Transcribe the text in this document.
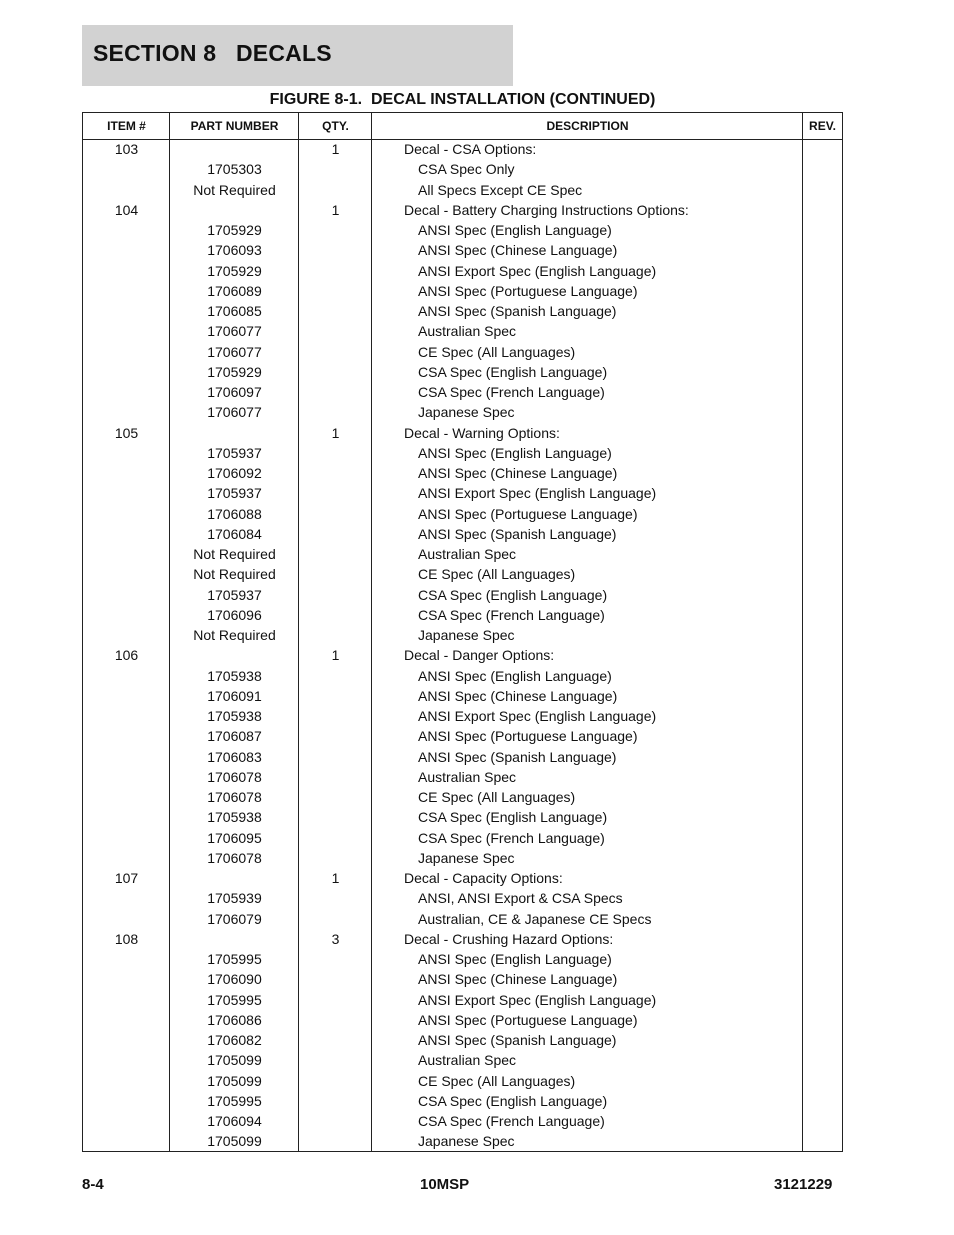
SECTION 8   DECALS
FIGURE 8-1.  DECAL INSTALLATION (CONTINUED)
ITEM #	PART NUMBER	QTY.	DESCRIPTION	REV.
103	1	Decal - CSA Options:
1705303	CSA Spec Only
Not Required	All Specs Except CE Spec
104	1	Decal - Battery Charging Instructions Options:
1705929	ANSI Spec (English Language)
1706093	ANSI Spec (Chinese Language)
1705929	ANSI Export Spec (English Language)
1706089	ANSI Spec (Portuguese Language)
1706085	ANSI Spec (Spanish Language)
1706077	Australian Spec
1706077	CE Spec (All Languages)
1705929	CSA Spec (English Language)
1706097	CSA Spec (French Language)
1706077	Japanese Spec
105	1	Decal - Warning Options:
1705937	ANSI Spec (English Language)
1706092	ANSI Spec (Chinese Language)
1705937	ANSI Export Spec (English Language)
1706088	ANSI Spec (Portuguese Language)
1706084	ANSI Spec (Spanish Language)
Not Required	Australian Spec
Not Required	CE Spec (All Languages)
1705937	CSA Spec (English Language)
1706096	CSA Spec (French Language)
Not Required	Japanese Spec
106	1	Decal - Danger Options:
1705938	ANSI Spec (English Language)
1706091	ANSI Spec (Chinese Language)
1705938	ANSI Export Spec (English Language)
1706087	ANSI Spec (Portuguese Language)
1706083	ANSI Spec (Spanish Language)
1706078	Australian Spec
1706078	CE Spec (All Languages)
1705938	CSA Spec (English Language)
1706095	CSA Spec (French Language)
1706078	Japanese Spec
107	1	Decal - Capacity Options:
1705939	ANSI, ANSI Export & CSA Specs
1706079	Australian, CE & Japanese CE Specs
108	3	Decal - Crushing Hazard Options:
1705995	ANSI Spec (English Language)
1706090	ANSI Spec (Chinese Language)
1705995	ANSI Export Spec (English Language)
1706086	ANSI Spec (Portuguese Language)
1706082	ANSI Spec (Spanish Language)
1705099	Australian Spec
1705099	CE Spec (All Languages)
1705995	CSA Spec (English Language)
1706094	CSA Spec (French Language)
1705099	Japanese Spec
8-4	10MSP	3121229
